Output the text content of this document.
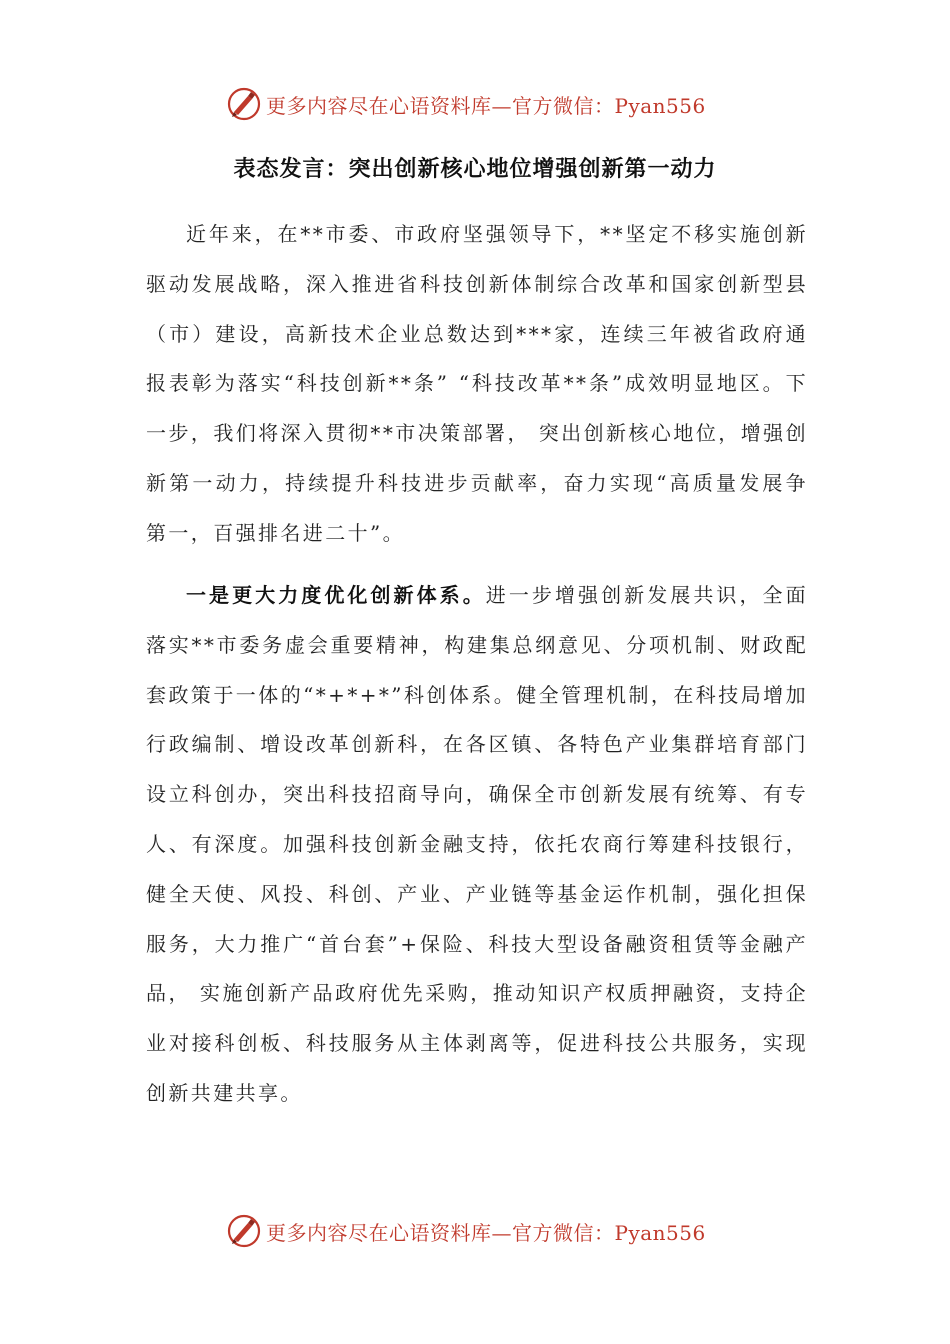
更多内容尽在心语资料库—官方微信：Pyan556
表态发言：突出创新核心地位增强创新第一动力

近年来，在**市委、市政府坚强领导下，**坚定不移实施创新驱动发展战略，深入推进省科技创新体制综合改革和国家创新型县（市）建设，高新技术企业总数达到***家，连续三年被省政府通报表彰为落实“科技创新**条” “科技改革**条”成效明显地区。下一步，我们将深入贯彻**市决策部署， 突出创新核心地位，增强创新第一动力，持续提升科技进步贡献率，奋力实现“高质量发展争第一，百强排名进二十”。

一是更大力度优化创新体系。进一步增强创新发展共识，全面落实**市委务虚会重要精神，构建集总纲意见、分项机制、财政配套政策于一体的“*+*+*”科创体系。健全管理机制，在科技局增加行政编制、增设改革创新科，在各区镇、各特色产业集群培育部门设立科创办，突出科技招商导向，确保全市创新发展有统筹、有专人、有深度。加强科技创新金融支持，依托农商行筹建科技银行，健全天使、风投、科创、产业、产业链等基金运作机制，强化担保服务，大力推广“首台套”+保险、科技大型设备融资租赁等金融产品， 实施创新产品政府优先采购，推动知识产权质押融资，支持企业对接科创板、科技服务从主体剥离等，促进科技公共服务，实现创新共建共享。

更多内容尽在心语资料库—官方微信：Pyan556
